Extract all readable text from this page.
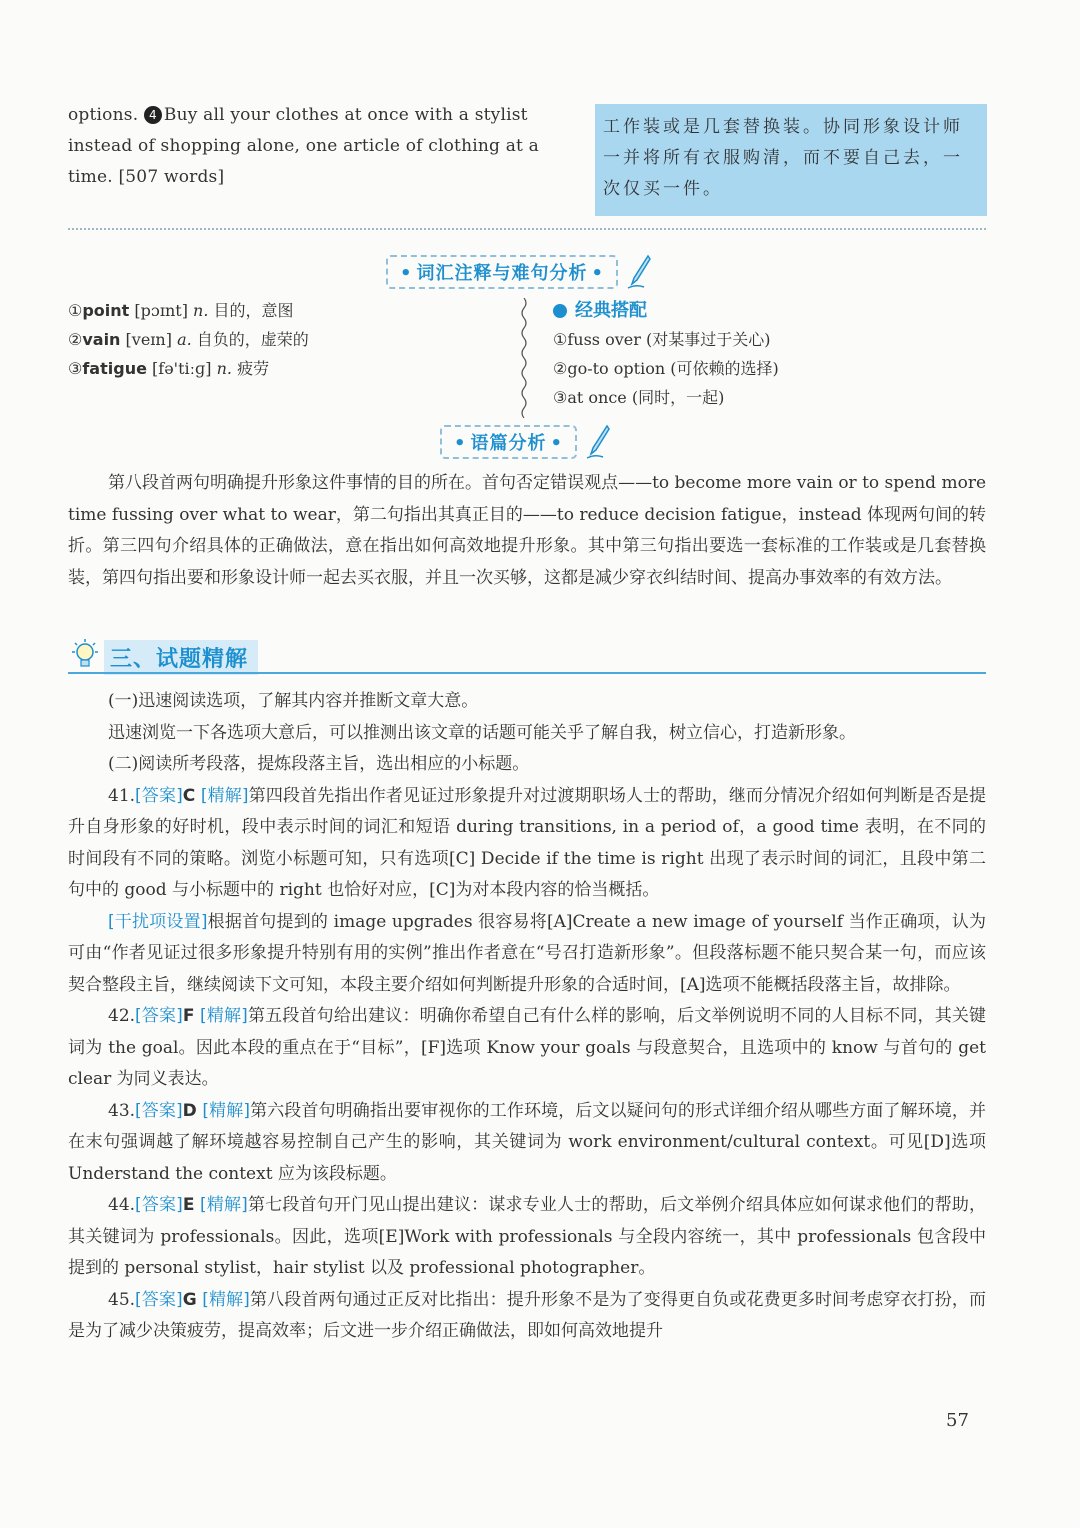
options. 4 Buy all your clothes at once with a stylist instead of shopping alone, one article of clothing at a time. [507 words]
工作装或是几套替换装。协同形象设计师一并将所有衣服购清，而不要自己去，一次仅买一件。
• 词汇注释与难句分析 •
①point [pɔɪnt] n. 目的，意图
②vain [veɪn] a. 自负的，虚荣的
③fatigue [fə'tiːɡ] n. 疲劳
经典搭配
①fuss over (对某事过于关心)
②go-to option (可依赖的选择)
③at once (同时，一起)
• 语篇分析 •

第八段首两句明确提升形象这件事情的目的所在。首句否定错误观点——to become more vain or to spend more time fussing over what to wear，第二句指出其真正目的——to reduce decision fatigue，instead 体现两句间的转折。第三四句介绍具体的正确做法，意在指出如何高效地提升形象。其中第三句指出要选一套标准的工作装或是几套替换装，第四句指出要和形象设计师一起去买衣服，并且一次买够，这都是减少穿衣纠结时间、提高办事效率的有效方法。

三、试题精解

(一)迅速阅读选项，了解其内容并推断文章大意。

迅速浏览一下各选项大意后，可以推测出该文章的话题可能关乎了解自我，树立信心，打造新形象。

(二)阅读所考段落，提炼段落主旨，选出相应的小标题。

41.[答案]C [精解]第四段首先指出作者见证过形象提升对过渡期职场人士的帮助，继而分情况介绍如何判断是否是提升自身形象的好时机，段中表示时间的词汇和短语 during transitions, in a period of，a good time 表明，在不同的时间段有不同的策略。浏览小标题可知，只有选项[C] Decide if the time is right 出现了表示时间的词汇，且段中第二句中的 good 与小标题中的 right 也恰好对应，[C]为对本段内容的恰当概括。

[干扰项设置]根据首句提到的 image upgrades 很容易将[A]Create a new image of yourself 当作正确项，认为可由“作者见证过很多形象提升特别有用的实例”推出作者意在“号召打造新形象”。但段落标题不能只契合某一句，而应该契合整段主旨，继续阅读下文可知，本段主要介绍如何判断提升形象的合适时间，[A]选项不能概括段落主旨，故排除。

42.[答案]F [精解]第五段首句给出建议：明确你希望自己有什么样的影响，后文举例说明不同的人目标不同，其关键词为 the goal。因此本段的重点在于“目标”，[F]选项 Know your goals 与段意契合，且选项中的 know 与首句的 get clear 为同义表达。

43.[答案]D [精解]第六段首句明确指出要审视你的工作环境，后文以疑问句的形式详细介绍从哪些方面了解环境，并在末句强调越了解环境越容易控制自己产生的影响，其关键词为 work environment/cultural context。可见[D]选项 Understand the context 应为该段标题。

44.[答案]E [精解]第七段首句开门见山提出建议：谋求专业人士的帮助，后文举例介绍具体应如何谋求他们的帮助，其关键词为 professionals。因此，选项[E]Work with professionals 与全段内容统一，其中 professionals 包含段中提到的 personal stylist，hair stylist 以及 professional photographer。

45.[答案]G [精解]第八段首两句通过正反对比指出：提升形象不是为了变得更自负或花费更多时间考虑穿衣打扮，而是为了减少决策疲劳，提高效率；后文进一步介绍正确做法，即如何高效地提升

57
